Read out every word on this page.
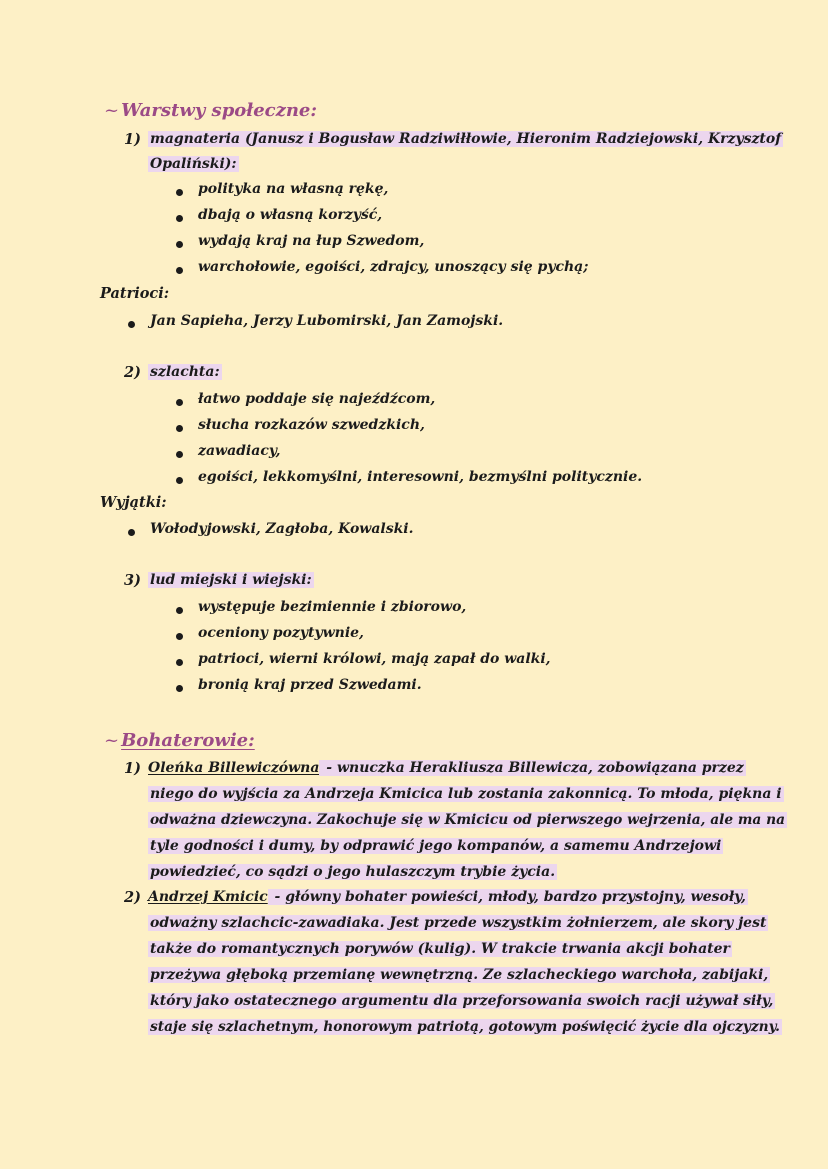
~ Warstwy społeczne:
1) magnateria (Janusz i Bogusław Radziwiłłowie, Hieronim Radziejowski, Krzysztof
Opaliński):
polityka na własną rękę,
dbają o własną korzyść,
wydają kraj na łup Szwedom,
warchołowie, egoiści, zdrajcy, unoszący się pychą;
Patrioci:
Jan Sapieha, Jerzy Lubomirski, Jan Zamojski.
2) szlachta:
łatwo poddaje się najeźdźcom,
słucha rozkazów szwedzkich,
zawadiacy,
egoiści, lekkomyślni, interesowni, bezmyślni politycznie.
Wyjątki:
Wołodyjowski, Zagłoba, Kowalski.
3) lud miejski i wiejski:
występuje bezimiennie i zbiorowo,
oceniony pozytywnie,
patrioci, wierni królowi, mają zapał do walki,
bronią kraj przed Szwedami.
~ Bohaterowie:
1) Oleńka Billewiczówna - wnuczka Herakliusza Billewicza, zobowiązana przez
niego do wyjścia za Andrzeja Kmicica lub zostania zakonnicą. To młoda, piękna i
odważna dziewczyna. Zakochuje się w Kmicicu od pierwszego wejrzenia, ale ma na
tyle godności i dumy, by odprawić jego kompanów, a samemu Andrzejowi
powiedzieć, co sądzi o jego hulaszczym trybie życia.
2) Andrzej Kmicic - główny bohater powieści, młody, bardzo przystojny, wesoły,
odważny szlachcic-zawadiaka. Jest przede wszystkim żołnierzem, ale skory jest
także do romantycznych porywów (kulig). W trakcie trwania akcji bohater
przeżywa głęboką przemianę wewnętrzną. Ze szlacheckiego warchoła, zabijaki,
który jako ostatecznego argumentu dla przeforsowania swoich racji używał siły,
staje się szlachetnym, honorowym patriotą, gotowym poświęcić życie dla ojczyzny.
